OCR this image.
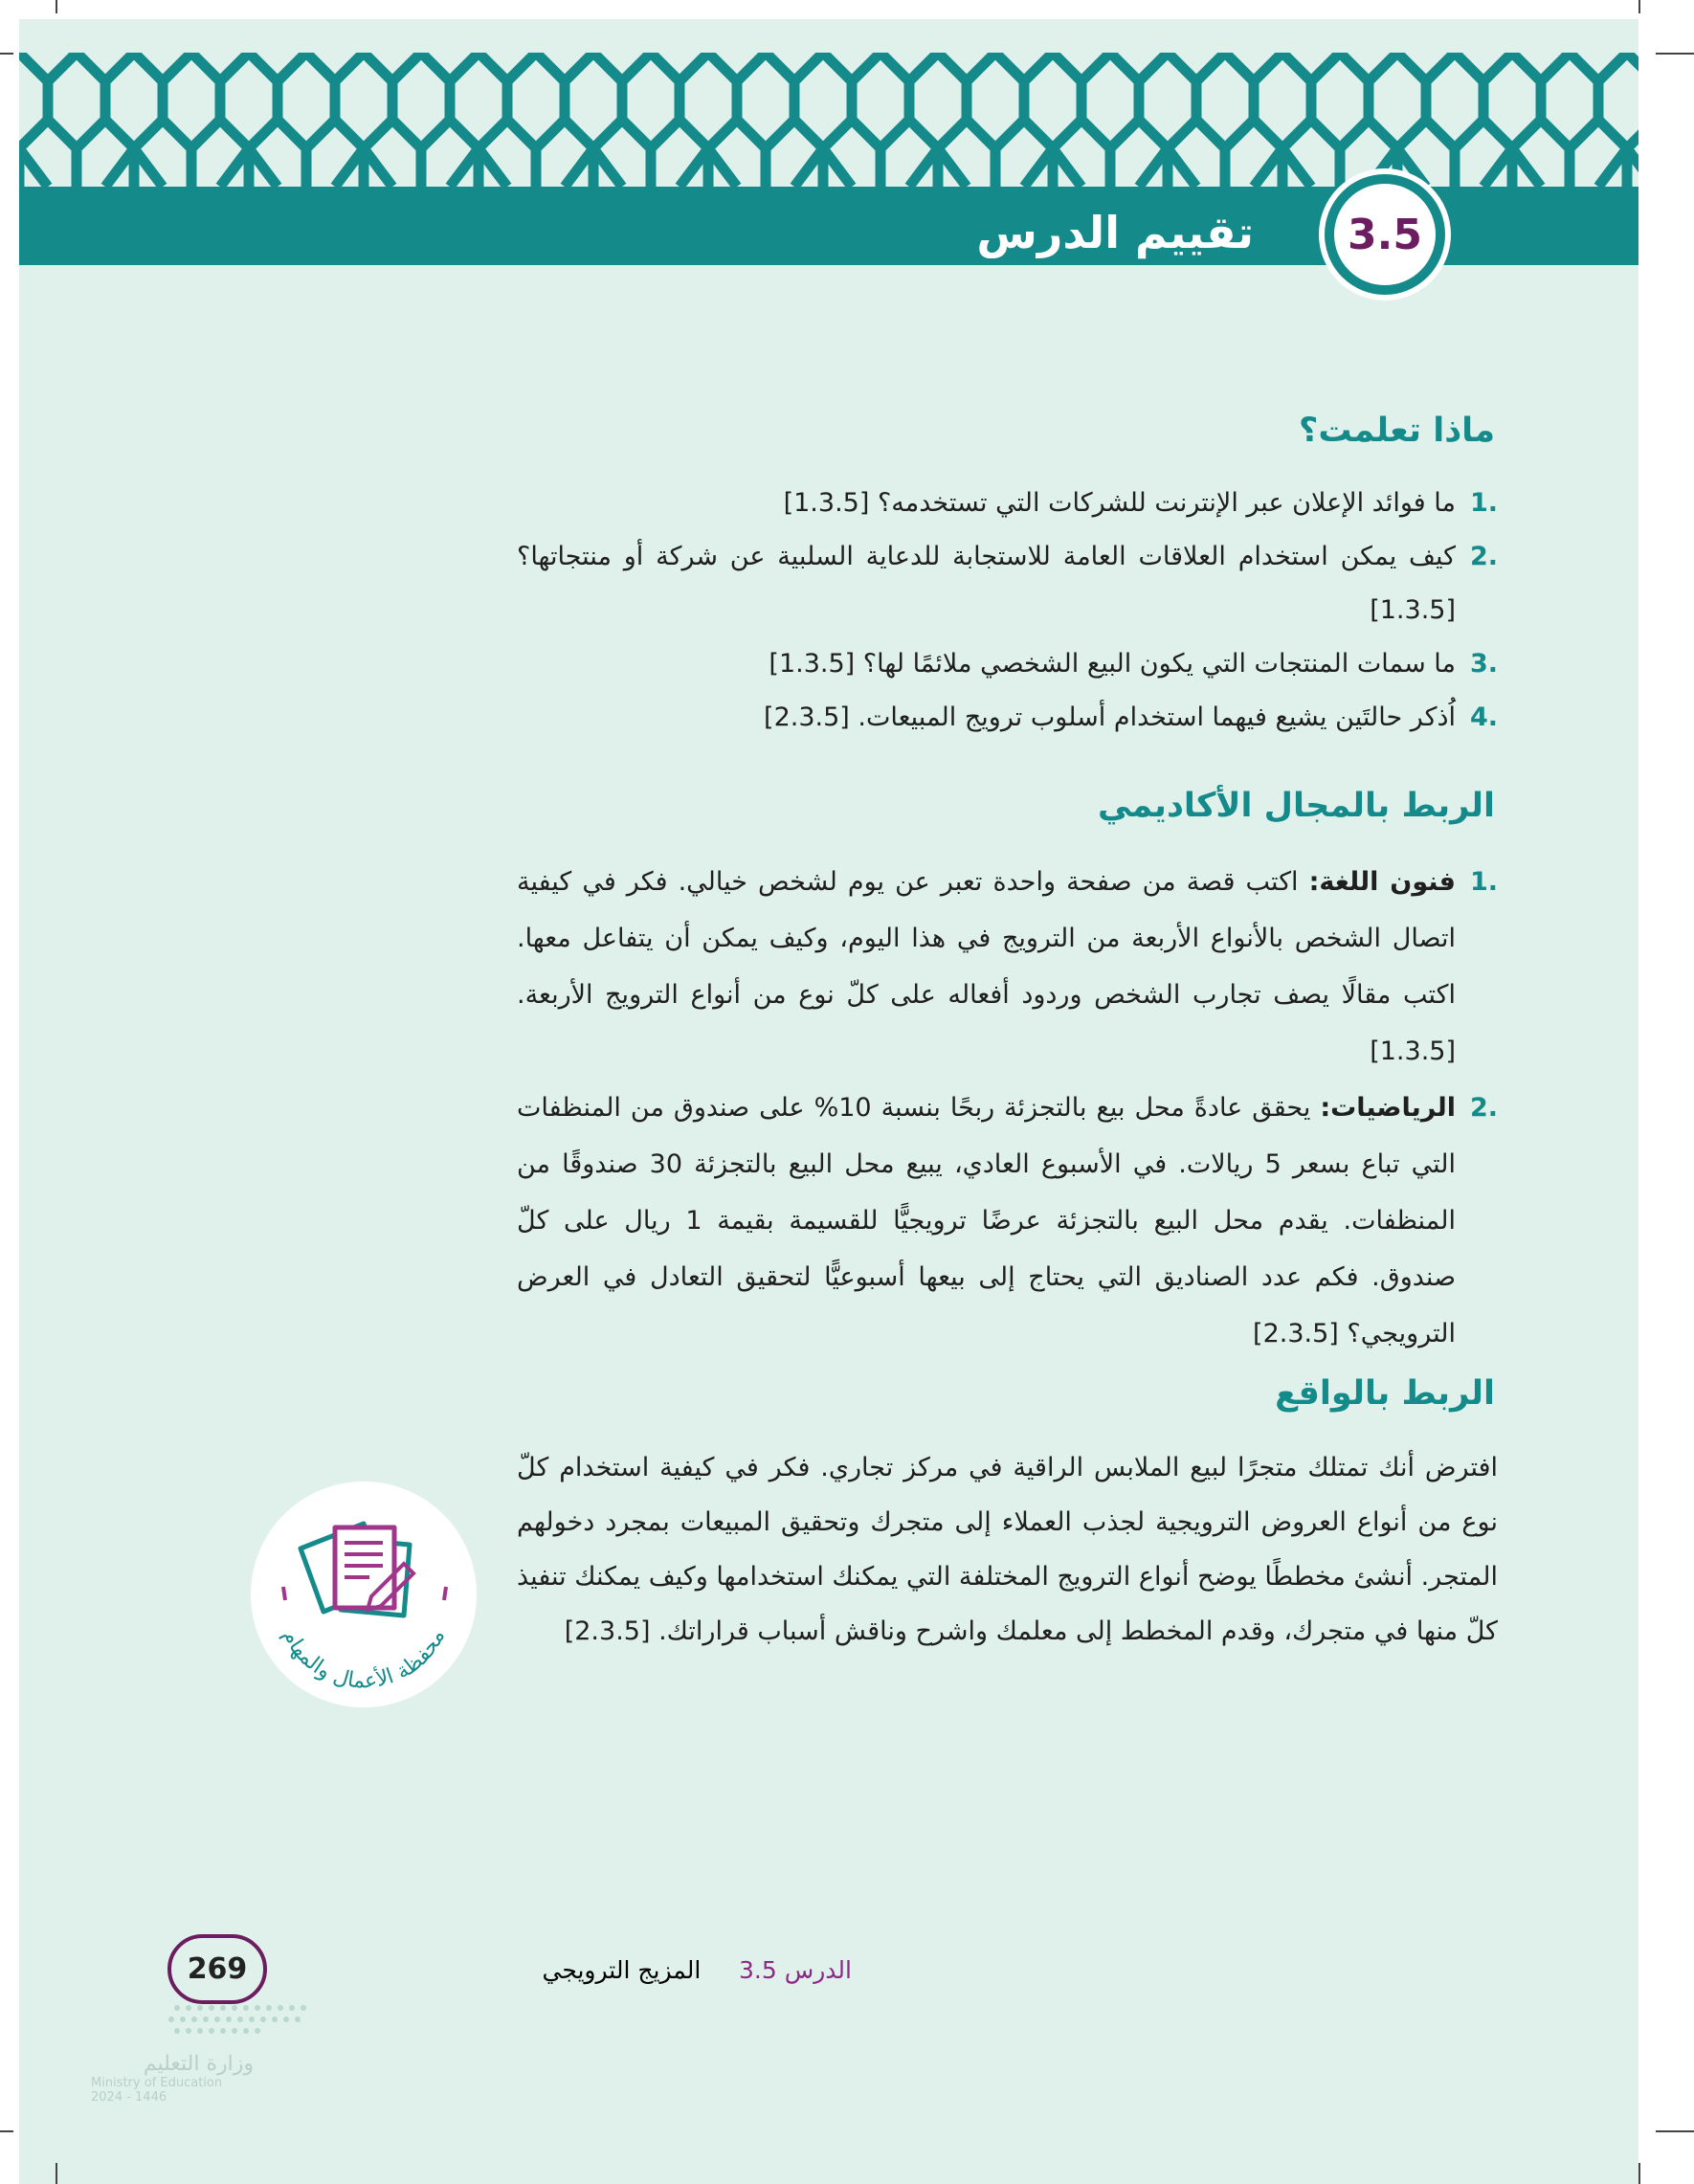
تقييم الدرس	3.5
ماذا تعلمت؟
.1
ما فوائد الإعلان عبر الإنترنت للشركات التي تستخدمه؟ [1.3.5]
.2
كيف يمكن استخدام العلاقات العامة للاستجابة للدعاية السلبية عن شركة أو منتجاتها؟ [1.3.5]
.3
ما سمات المنتجات التي يكون البيع الشخصي ملائمًا لها؟ [1.3.5]
.4
اُذكر حالتَين يشيع فيهما استخدام أسلوب ترويج المبيعات. [2.3.5]
الربط بالمجال الأكاديمي
.1
فنون اللغة: اكتب قصة من صفحة واحدة تعبر عن يوم لشخص خيالي. فكر في كيفية اتصال الشخص بالأنواع الأربعة من الترويج في هذا اليوم، وكيف يمكن أن يتفاعل معها. اكتب مقالًا يصف تجارب الشخص وردود أفعاله على كلّ نوع من أنواع الترويج الأربعة. [1.3.5]
.2
الرياضيات: يحقق عادةً محل بيع بالتجزئة ربحًا بنسبة 10% على صندوق من المنظفات التي تباع بسعر 5 ريالات. في الأسبوع العادي، يبيع محل البيع بالتجزئة 30 صندوقًا من المنظفات. يقدم محل البيع بالتجزئة عرضًا ترويجيًّا للقسيمة بقيمة 1 ريال على كلّ صندوق. فكم عدد الصناديق التي يحتاج إلى بيعها أسبوعيًّا لتحقيق التعادل في العرض الترويجي؟ [2.3.5]
الربط بالواقع
افترض أنك تمتلك متجرًا لبيع الملابس الراقية في مركز تجاري. فكر في كيفية استخدام كلّ نوع من أنواع العروض الترويجية لجذب العملاء إلى متجرك وتحقيق المبيعات بمجرد دخولهم المتجر. أنشئ مخططًا يوضح أنواع الترويج المختلفة التي يمكنك استخدامها وكيف يمكنك تنفيذ كلّ منها في متجرك، وقدم المخطط إلى معلمك واشرح وناقش أسباب قراراتك. [2.3.5]
محفظة الأعمال والمهام
الدرس 3.5     المزيج الترويجي
269
وزارة التعليم
Ministry of Education
2024 - 1446
